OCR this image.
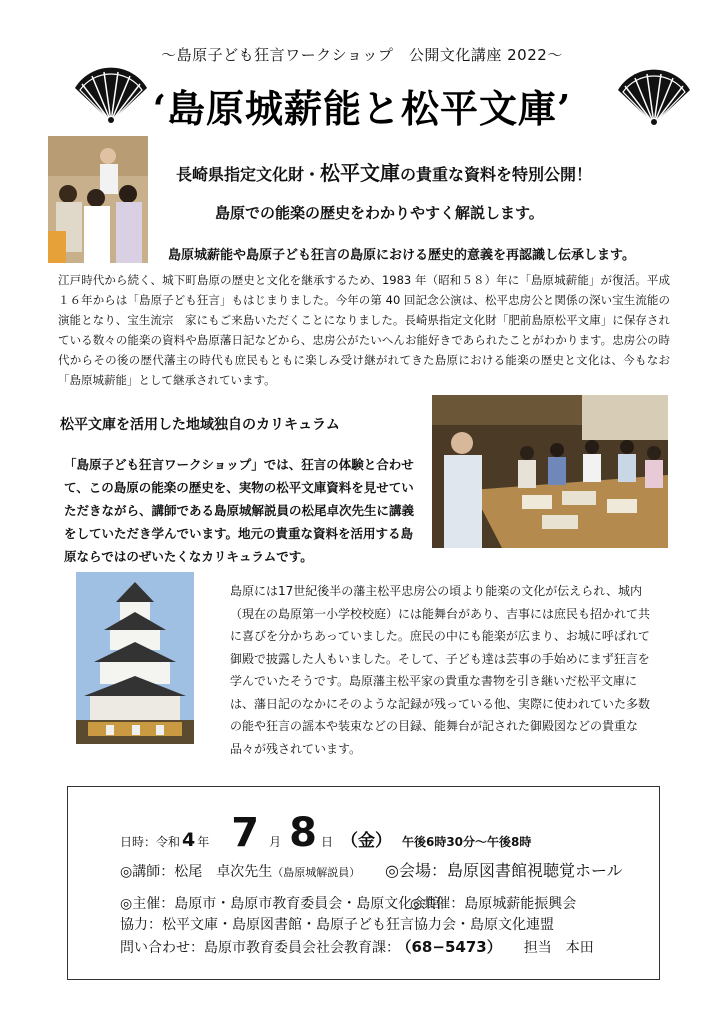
〜島原子ども狂言ワークショップ　公開文化講座 2022〜
‘島原城薪能と松平文庫’
長崎県指定文化財・松平文庫の貴重な資料を特別公開！
島原での能楽の歴史をわかりやすく解説します。
島原城薪能や島原子ども狂言の島原における歴史的意義を再認識し伝承します。
江戸時代から続く、城下町島原の歴史と文化を継承するため、1983 年（昭和５８）年に「島原城薪能」が復活。平成１６年からは「島原子ども狂言」もはじまりました。今年の第 40 回記念公演は、松平忠房公と関係の深い宝生流能の演能となり、宝生流宗　家にもご来島いただくことになりました。長崎県指定文化財「肥前島原松平文庫」に保存されている数々の能楽の資料や島原藩日記などから、忠房公がたいへんお能好きであられたことがわかります。忠房公の時代からその後の歴代藩主の時代も庶民もともに楽しみ受け継がれてきた島原における能楽の歴史と文化は、今もなお「島原城薪能」として継承されています。
松平文庫を活用した地域独自のカリキュラム
「島原子ども狂言ワークショップ」では、狂言の体験と合わせて、この島原の能楽の歴史を、実物の松平文庫資料を見せていただきながら、講師である島原城解説員の松尾卓次先生に講義をしていただき学んでいます。地元の貴重な資料を活用する島原ならではのぜいたくなカリキュラムです。
島原には17世紀後半の藩主松平忠房公の頃より能楽の文化が伝えられ、城内（現在の島原第一小学校校庭）には能舞台があり、吉事には庶民も招かれて共に喜びを分かちあっていました。庶民の中にも能楽が広まり、お城に呼ばれて御殿で披露した人もいました。そして、子ども達は芸事の手始めにまず狂言を学んでいたそうです。島原藩主松平家の貴重な書物を引き継いだ松平文庫には、藩日記のなかにそのような記録が残っている他、実際に使われていた多数の能や狂言の謡本や装束などの目録、能舞台が記された御殿図などの貴重な品々が残されています。
日時：令和 4 年 7 月 8 日 （金） 午後6時30分〜午後8時
◎講師：松尾　卓次先生（島原城解説員） ◎会場：島原図書館視聴覚ホール
◎主催：島原市・島原市教育委員会・島原文化会館
◎共催：島原城薪能振興会
協力：松平文庫・島原図書館・島原子ども狂言協力会・島原文化連盟
問い合わせ：島原市教育委員会社会教育課： （68−5473） 担当　本田
